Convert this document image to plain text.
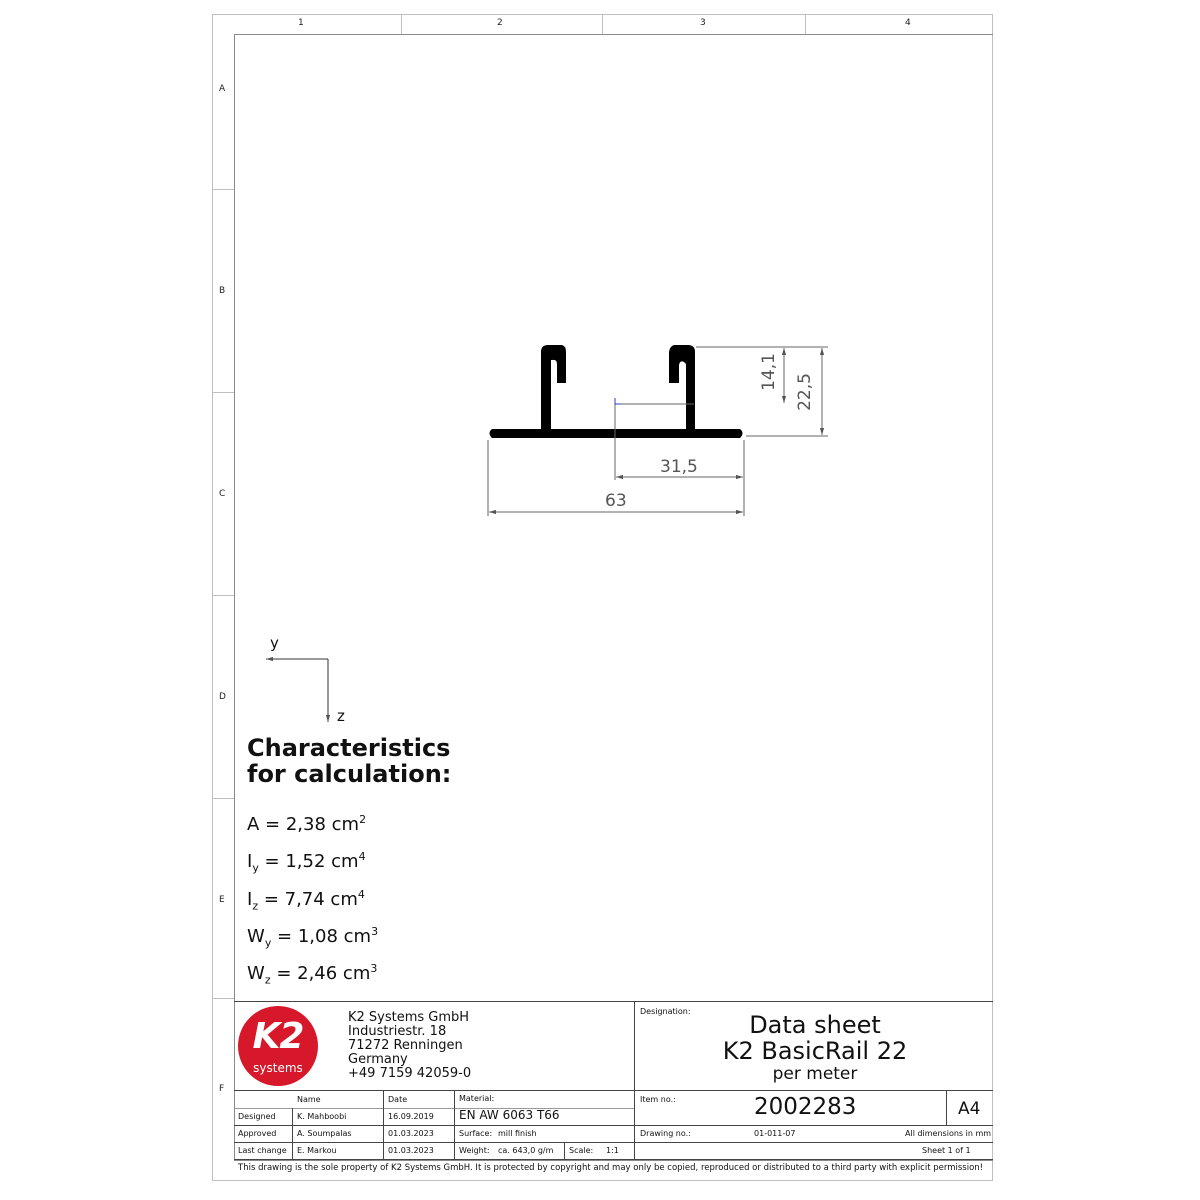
1	2	3	4
A
B
C
D
E
F
63
31,5
14,1
22,5
y
z
Characteristics
for calculation:
A = 2,38 $cm^2$
$I_y = 1,52$ $cm^4$
$I_z = 7,74$ $cm^4$
$W_y = 1,08$ $cm^3$
$W_z = 2,46$ $cm^3$
K2
systems
K2 Systems GmbH
Industriestr. 18
71272 Renningen
Germany
+49 7159 42059-0
Designation:	Data sheet
K2 BasicRail 22
per meter
Name	Date	Material:
EN AW 6063 T66
Designed	K. Mahboobi	16.09.2019
Approved	A. Soumpalas	01.03.2023
Last change E. Markou	01.03.2023
Surface: mill finish
Weight: ca. 643,0 g/m Scale: 1:1
Item no.:	2002283	A4
Drawing no.:	01-011-07	All dimensions in mm
Sheet 1 of 1
This drawing is the sole property of K2 Systems GmbH. It is protected by copyright and may only be copied, reproduced or distributed to a third party with explicit permission!
